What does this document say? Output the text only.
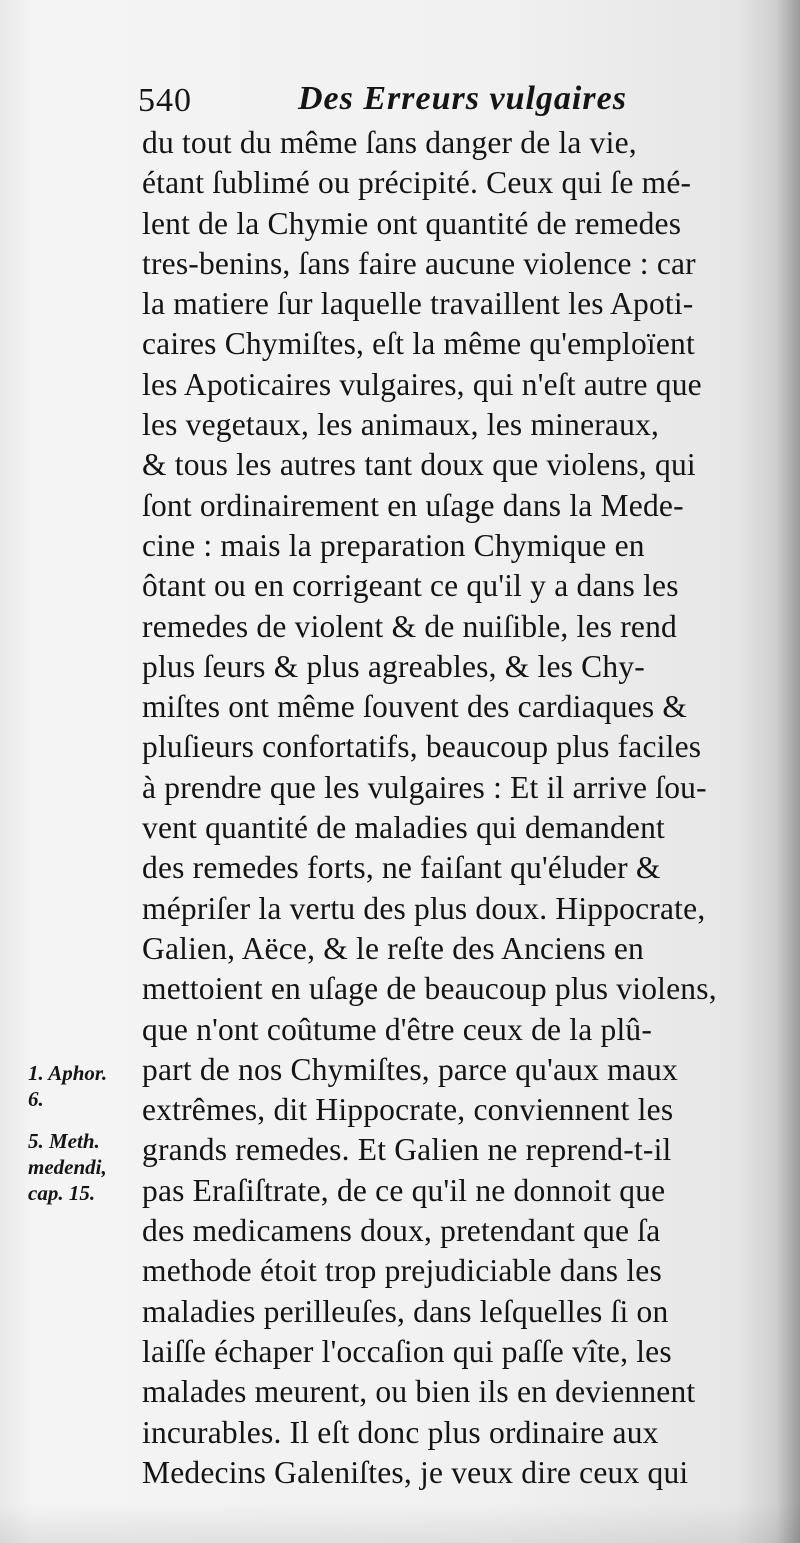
540	Des Erreurs vulgaires
du tout du même ſans danger de la vie,
étant ſublimé ou précipité. Ceux qui ſe mé-
lent de la Chymie ont quantité de remedes
tres-benins, ſans faire aucune violence : car
la matiere ſur laquelle travaillent les Apoti-
caires Chymiſtes, eſt la même qu'emploïent
les Apoticaires vulgaires, qui n'eſt autre que
les vegetaux, les animaux, les mineraux,
& tous les autres tant doux que violens, qui
ſont ordinairement en uſage dans la Mede-
cine : mais la preparation Chymique en
ôtant ou en corrigeant ce qu'il y a dans les
remedes de violent & de nuiſible, les rend
plus ſeurs & plus agreables, & les Chy-
miſtes ont même ſouvent des cardiaques &
pluſieurs confortatifs, beaucoup plus faciles
à prendre que les vulgaires : Et il arrive ſou-
vent quantité de maladies qui demandent
des remedes forts, ne faiſant qu'éluder &
mépriſer la vertu des plus doux. Hippocrate,
Galien, Aëce, & le reſte des Anciens en
mettoient en uſage de beaucoup plus violens,
que n'ont coûtume d'être ceux de la plû-
part de nos Chymiſtes, parce qu'aux maux
extrêmes, dit Hippocrate, conviennent les
grands remedes. Et Galien ne reprend-t-il
pas Eraſiſtrate, de ce qu'il ne donnoit que
des medicamens doux, pretendant que ſa
methode étoit trop prejudiciable dans les
maladies perilleuſes, dans leſquelles ſi on
laiſſe échaper l'occaſion qui paſſe vîte, les
malades meurent, ou bien ils en deviennent
incurables. Il eſt donc plus ordinaire aux
Medecins Galeniſtes, je veux dire ceux qui
1. Aphor.
6.
5. Meth.
medendi,
cap. 15.
